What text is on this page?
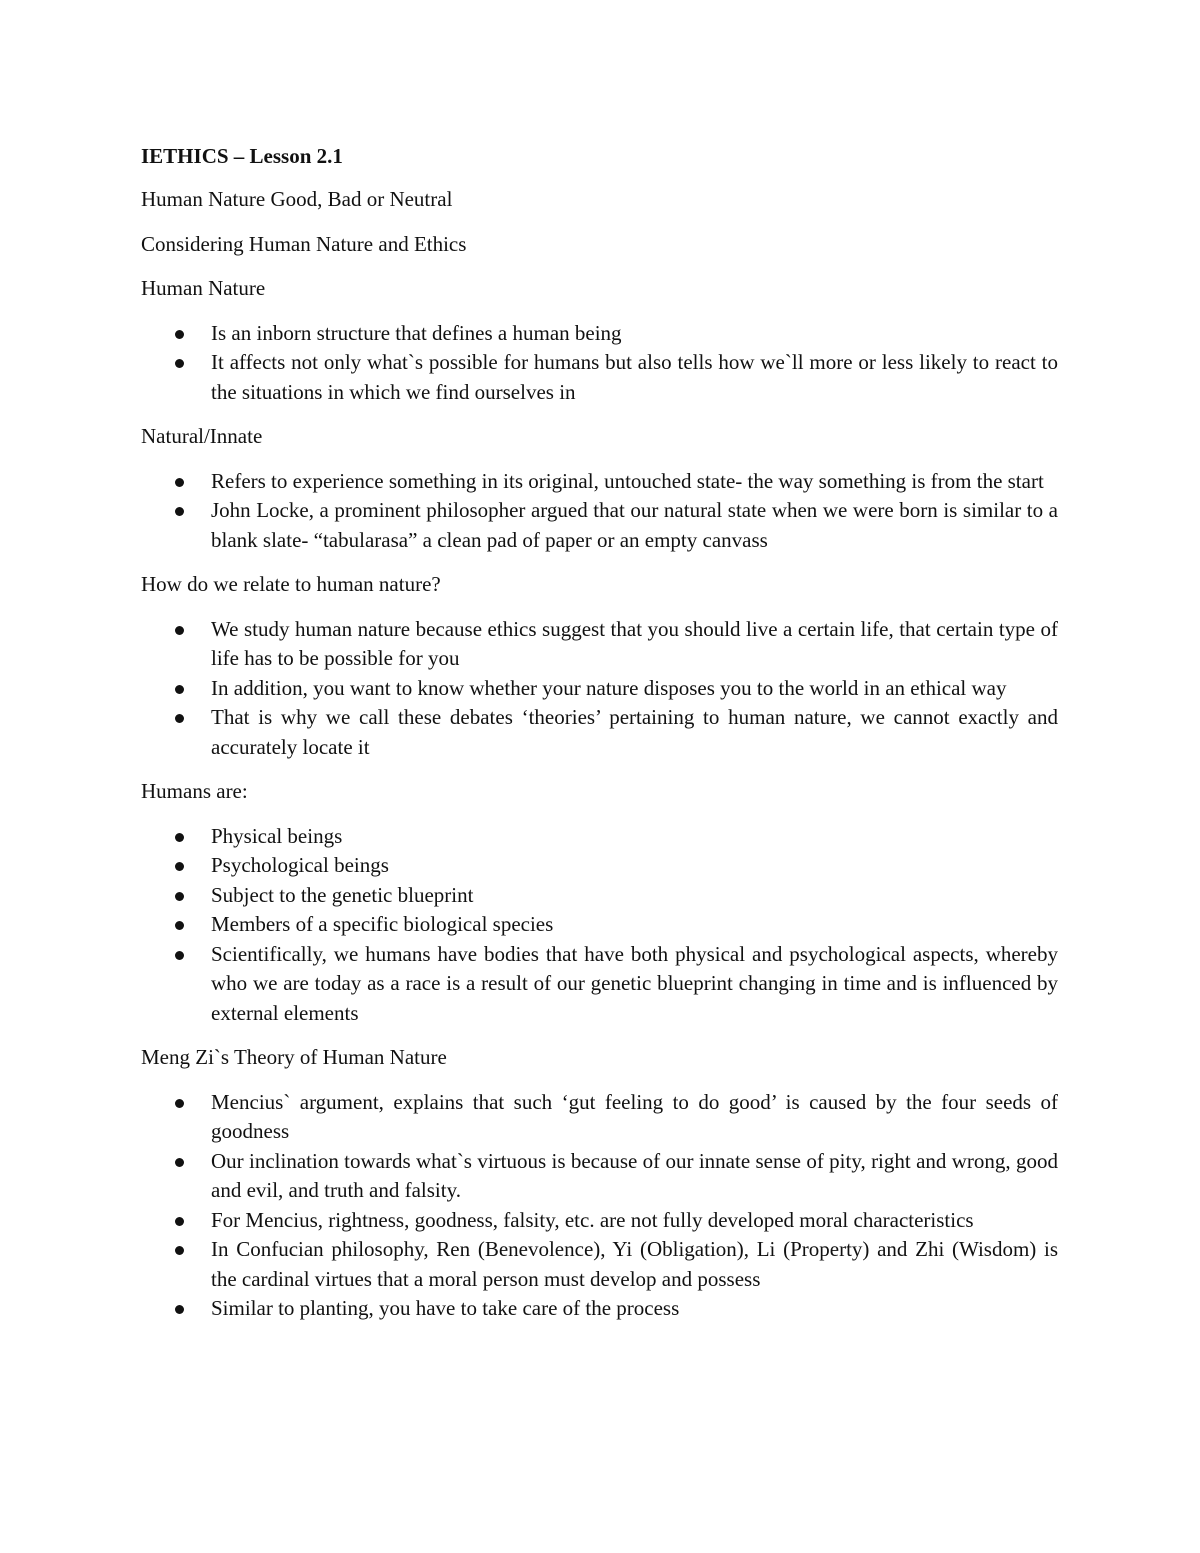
IETHICS – Lesson 2.1
Human Nature Good, Bad or Neutral
Considering Human Nature and Ethics
Human Nature
Is an inborn structure that defines a human being
It affects not only what`s possible for humans but also tells how we`ll more or less likely to react to the situations in which we find ourselves in
Natural/Innate
Refers to experience something in its original, untouched state- the way something is from the start
John Locke, a prominent philosopher argued that our natural state when we were born is similar to a blank slate- “tabularasa” a clean pad of paper or an empty canvass
How do we relate to human nature?
We study human nature because ethics suggest that you should live a certain life, that certain type of life has to be possible for you
In addition, you want to know whether your nature disposes you to the world in an ethical way
That is why we call these debates ‘theories’ pertaining to human nature, we cannot exactly and accurately locate it
Humans are:
Physical beings
Psychological beings
Subject to the genetic blueprint
Members of a specific biological species
Scientifically, we humans have bodies that have both physical and psychological aspects, whereby who we are today as a race is a result of our genetic blueprint changing in time and is influenced by external elements
Meng Zi`s Theory of Human Nature
Mencius` argument, explains that such ‘gut feeling to do good’ is caused by the four seeds of goodness
Our inclination towards what`s virtuous is because of our innate sense of pity, right and wrong, good and evil, and truth and falsity.
For Mencius, rightness, goodness, falsity, etc. are not fully developed moral characteristics
In Confucian philosophy, Ren (Benevolence), Yi (Obligation), Li (Property) and Zhi (Wisdom) is the cardinal virtues that a moral person must develop and possess
Similar to planting, you have to take care of the process
